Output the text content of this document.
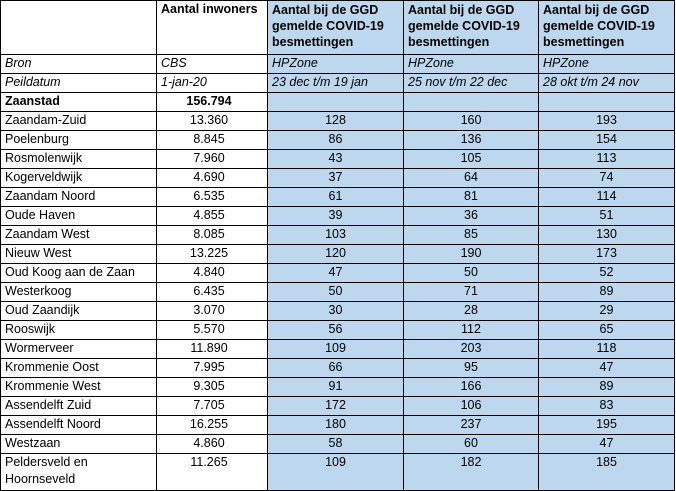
	Aantal inwoners	Aantal bij de GGD gemelde COVID-19 besmettingen	Aantal bij de GGD gemelde COVID-19 besmettingen	Aantal bij de GGD gemelde COVID-19 besmettingen
Bron	CBS	HPZone	HPZone	HPZone
Peildatum	1-jan-20	23 dec t/m 19 jan	25 nov t/m 22 dec	28 okt t/m 24 nov
Zaanstad	156.794			
Zaandam-Zuid	13.360	128	160	193
Poelenburg	8.845	86	136	154
Rosmolenwijk	7.960	43	105	113
Kogerveldwijk	4.690	37	64	74
Zaandam Noord	6.535	61	81	114
Oude Haven	4.855	39	36	51
Zaandam West	8.085	103	85	130
Nieuw West	13.225	120	190	173
Oud Koog aan de Zaan	4.840	47	50	52
Westerkoog	6.435	50	71	89
Oud Zaandijk	3.070	30	28	29
Rooswijk	5.570	56	112	65
Wormerveer	11.890	109	203	118
Krommenie Oost	7.995	66	95	47
Krommenie West	9.305	91	166	89
Assendelft Zuid	7.705	172	106	83
Assendelft Noord	16.255	180	237	195
Westzaan	4.860	58	60	47
Peldersveld en Hoornseveld	11.265	109	182	185
